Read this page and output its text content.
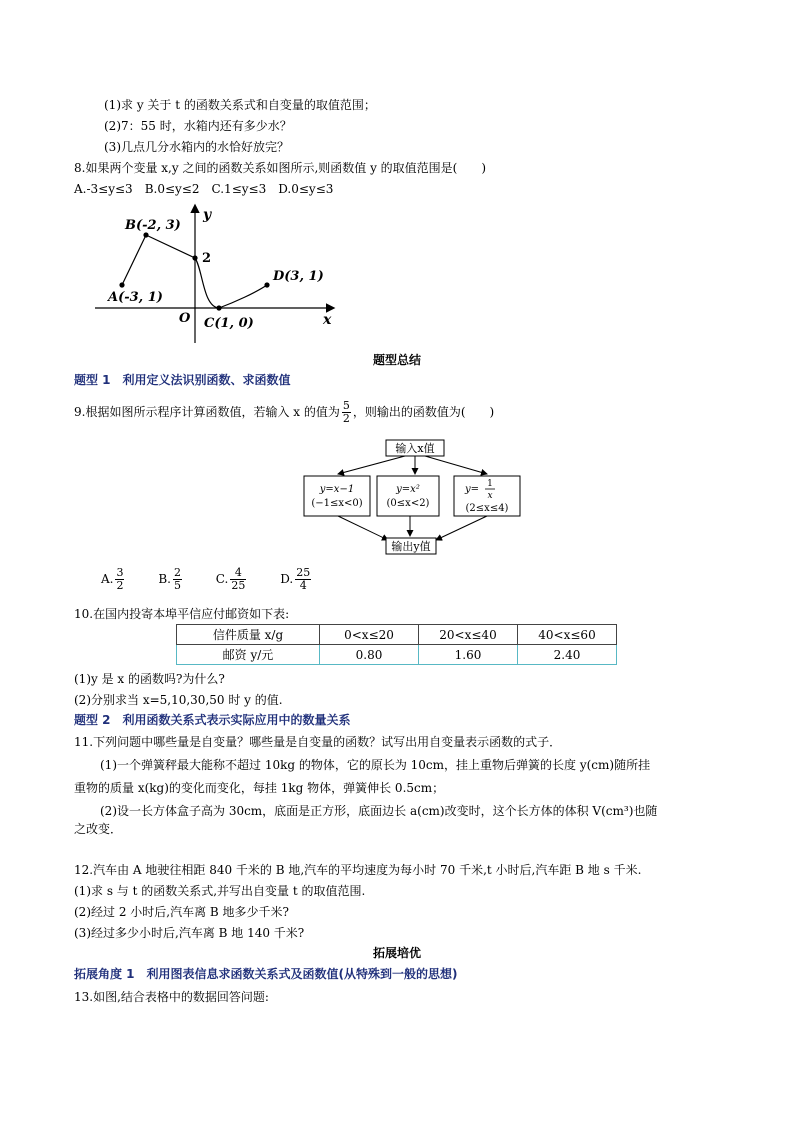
(1)求 y 关于 t 的函数关系式和自变量的取值范围；
(2)7：55 时，水箱内还有多少水？
(3)几点几分水箱内的水恰好放完？
8.如果两个变量 x,y 之间的函数关系如图所示,则函数值 y 的取值范围是(　　)
A.-3≤y≤3　B.0≤y≤2　C.1≤y≤3　D.0≤y≤3
y
x
O
2
B(-2, 3)
A(-3, 1)
C(1, 0)
D(3, 1)
题型总结
题型 1　利用定义法识别函数、求函数值
9.根据如图所示程序计算函数值，若输入 x 的值为 $\frac{5}{2}$ ，则输出的函数值为(　　)
输入x值
y=x−1
(−1≤x<0)
y=x²
(0≤x<2)
y= 1
x
(2≤x≤4)
输出y值
A. $\frac{3}{2}$	B. $\frac{2}{5}$	C. $\frac{4}{25}$	D. $\frac{25}{4}$
10.在国内投寄本埠平信应付邮资如下表:
信件质量 x/g	0<x≤20	20<x≤40	40<x≤60
邮资 y/元	0.80	1.60	2.40
(1)y 是 x 的函数吗?为什么?
(2)分别求当 x=5,10,30,50 时 y 的值.
题型 2　利用函数关系式表示实际应用中的数量关系
11.下列问题中哪些量是自变量？哪些量是自变量的函数？试写出用自变量表示函数的式子．
(1)一个弹簧秤最大能称不超过 10kg 的物体，它的原长为 10cm，挂上重物后弹簧的长度 y(cm)随所挂
重物的质量 x(kg)的变化而变化，每挂 1kg 物体，弹簧伸长 0.5cm；
(2)设一长方体盒子高为 30cm，底面是正方形，底面边长 a(cm)改变时，这个长方体的体积 V(cm³)也随
之改变．
12.汽车由 A 地驶往相距 840 千米的 B 地,汽车的平均速度为每小时 70 千米,t 小时后,汽车距 B 地 s 千米.
(1)求 s 与 t 的函数关系式,并写出自变量 t 的取值范围.
(2)经过 2 小时后,汽车离 B 地多少千米?
(3)经过多少小时后,汽车离 B 地 140 千米?
拓展培优
拓展角度 1　利用图表信息求函数关系式及函数值(从特殊到一般的思想)
13.如图,结合表格中的数据回答问题:
